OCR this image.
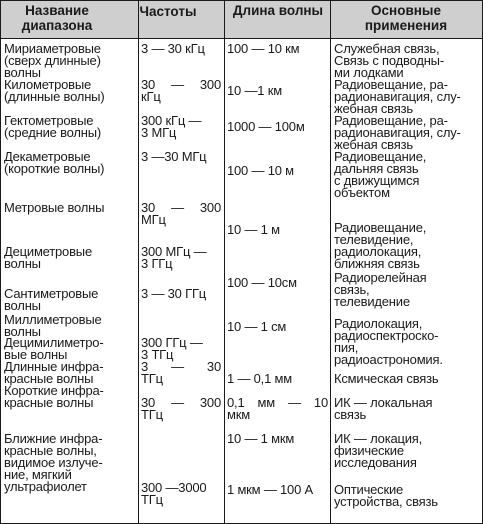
Название диапазона
Частоты	Длина волны	Основные применения
Мириаметровые
(сверх длинные)
волны
Километровые
(длинные волны)
Гектометровые
(средние волны)
Декаметровые
(короткие волны)
Метровые волны
Дециметровые
волны
Сантиметровые
волны
Миллиметровые
волны
Децимилиметро-
вые волны
Длинные инфра-
красные волны
Короткие инфра-
красные волны
Ближние инфра-
красные волны,
видимое излуче-
ние, мягкий
ультрафиолет
3 — 30 кГц
30 — 300
кГц
300 кГц —
3 МГц
3 —30 МГц
30 — 300
МГц
300 МГц —
3 ГГц
3 — 30 ГГц
300 ГГц —
3 ТГц
3 — 30
ТГц
30 — 300
ТГц
300 —3000
ТГц
100 — 10 км
10 —1 км
1000 — 100м
100 — 10 м
10 — 1 м
100 — 10см
10 — 1 см
1 — 0,1 мм
0,1 мм — 10
мкм
10 — 1 мкм
1 мкм — 100 А
Служебная связь,
Связь с подводны-
ми лодками
Радиовещание, ра-
радионавигация, слу-
жебная связь
Радиовещание, ра-
радионавигация, слу-
жебная связь
Радиовещание,
дальняя связь
с движущимся
объектом
Радиовещание,
телевидение,
радиолокация,
ближняя связь
Радиорелейная
связь,
телевидение
Радиолокация,
радиоспектроско-
пия,
радиоастрономия.
Ксмическая связь
ИК — локальная
связь
ИК — локация,
физические
исследования
Оптические
устройства, связь
